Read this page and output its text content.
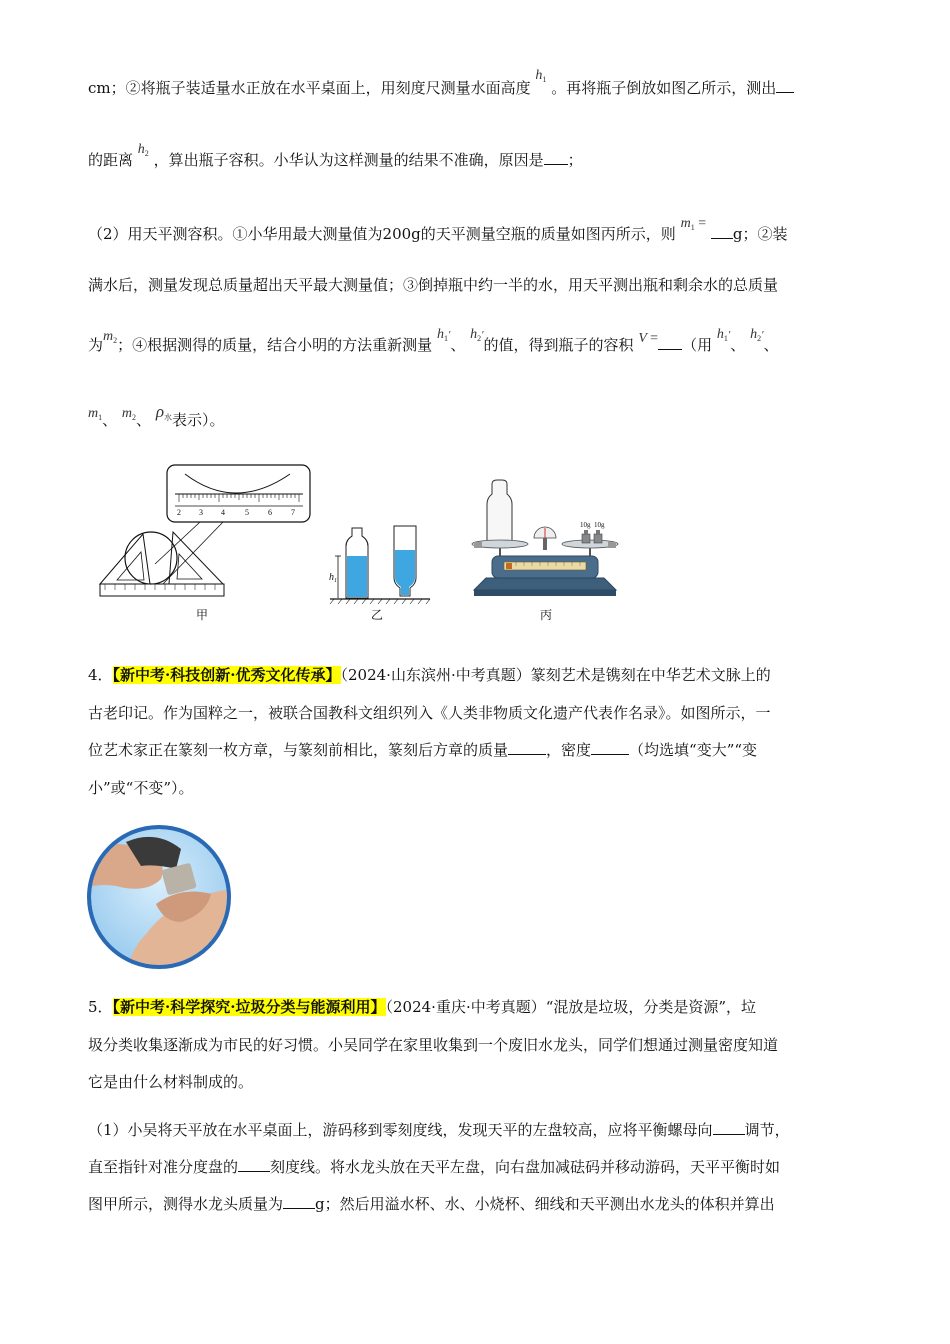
cm；②将瓶子装适量水正放在水平桌面上，用刻度尺测量水面高度 $h_1$ 。再将瓶子倒放如图乙所示，测出
的距离 $h_2$ ，算出瓶子容积。小华认为这样测量的结果不准确，原因是 ；
（2）用天平测容积。①小华用最大测量值为200g的天平测量空瓶的质量如图丙所示，则 $m_1 = g$；②装
满水后，测量发现总质量超出天平最大测量值；③倒掉瓶中约一半的水，用天平测出瓶和剩余水的总质量
为$m_2$；④根据测得的质量，结合小明的方法重新测量 $h_1'$、 $h_2'$的值，得到瓶子的容积 V = （用 $h_1'$、 $h_2'$、
$m_1$、 $m_2$、 $\rho_水$表示）。
2 3 4	5 6 7
甲
$h_1$
乙
10g 10g
丙
4．【新中考·科技创新·优秀文化传承】（2024·山东滨州·中考真题）篆刻艺术是镌刻在中华艺术文脉上的
古老印记。作为国粹之一，被联合国教科文组织列入《人类非物质文化遗产代表作名录》。如图所示，一
位艺术家正在篆刻一枚方章，与篆刻前相比，篆刻后方章的质量	，密度	（均选填“变大”“变
小”或“不变”）。
5．【新中考·科学探究·垃圾分类与能源利用】（2024·重庆·中考真题）“混放是垃圾，分类是资源”，垃
圾分类收集逐渐成为市民的好习惯。小吴同学在家里收集到一个废旧水龙头，同学们想通过测量密度知道
它是由什么材料制成的。
（1）小吴将天平放在水平桌面上，游码移到零刻度线，发现天平的左盘较高，应将平衡螺母向 调节，
直至指针对准分度盘的 刻度线。将水龙头放在天平左盘，向右盘加减砝码并移动游码，天平平衡时如
图甲所示，测得水龙头质量为 g；然后用溢水杯、水、小烧杯、细线和天平测出水龙头的体积并算出
